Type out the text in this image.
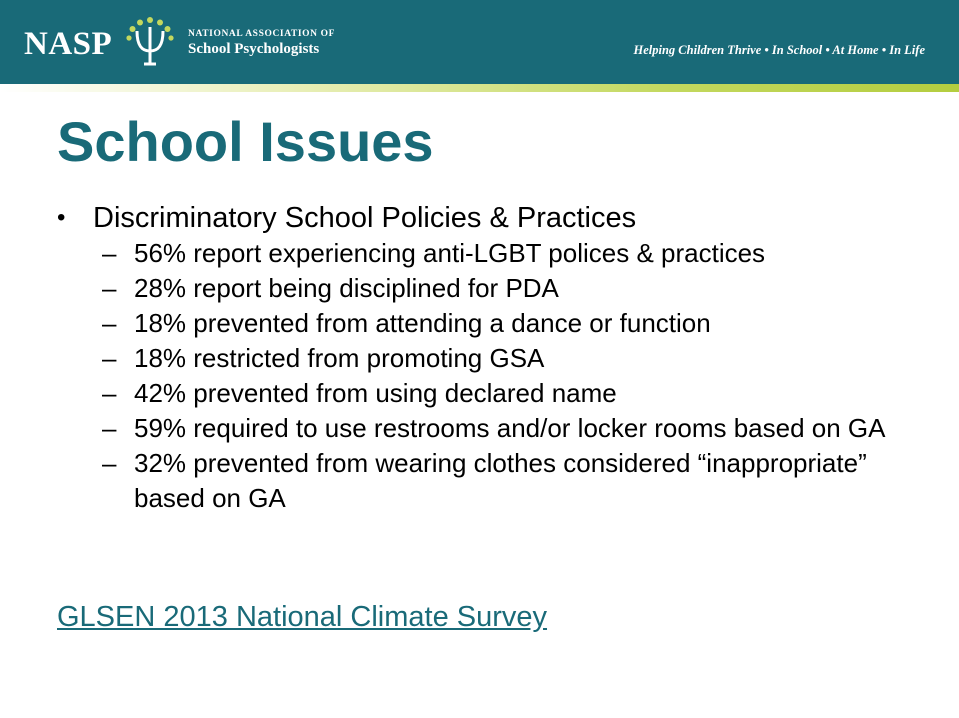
NASP	NATIONAL ASSOCIATION OF
School Psychologists	Helping Children Thrive • In School • At Home • In Life
School Issues
• Discriminatory School Policies & Practices
– 56% report experiencing anti-LGBT polices & practices
– 28% report being disciplined for PDA
– 18% prevented from attending a dance or function
– 18% restricted from promoting GSA
– 42% prevented from using declared name
– 59% required to use restrooms and/or locker rooms based on GA
– 32% prevented from wearing clothes considered “inappropriate” based on GA
GLSEN 2013 National Climate Survey
